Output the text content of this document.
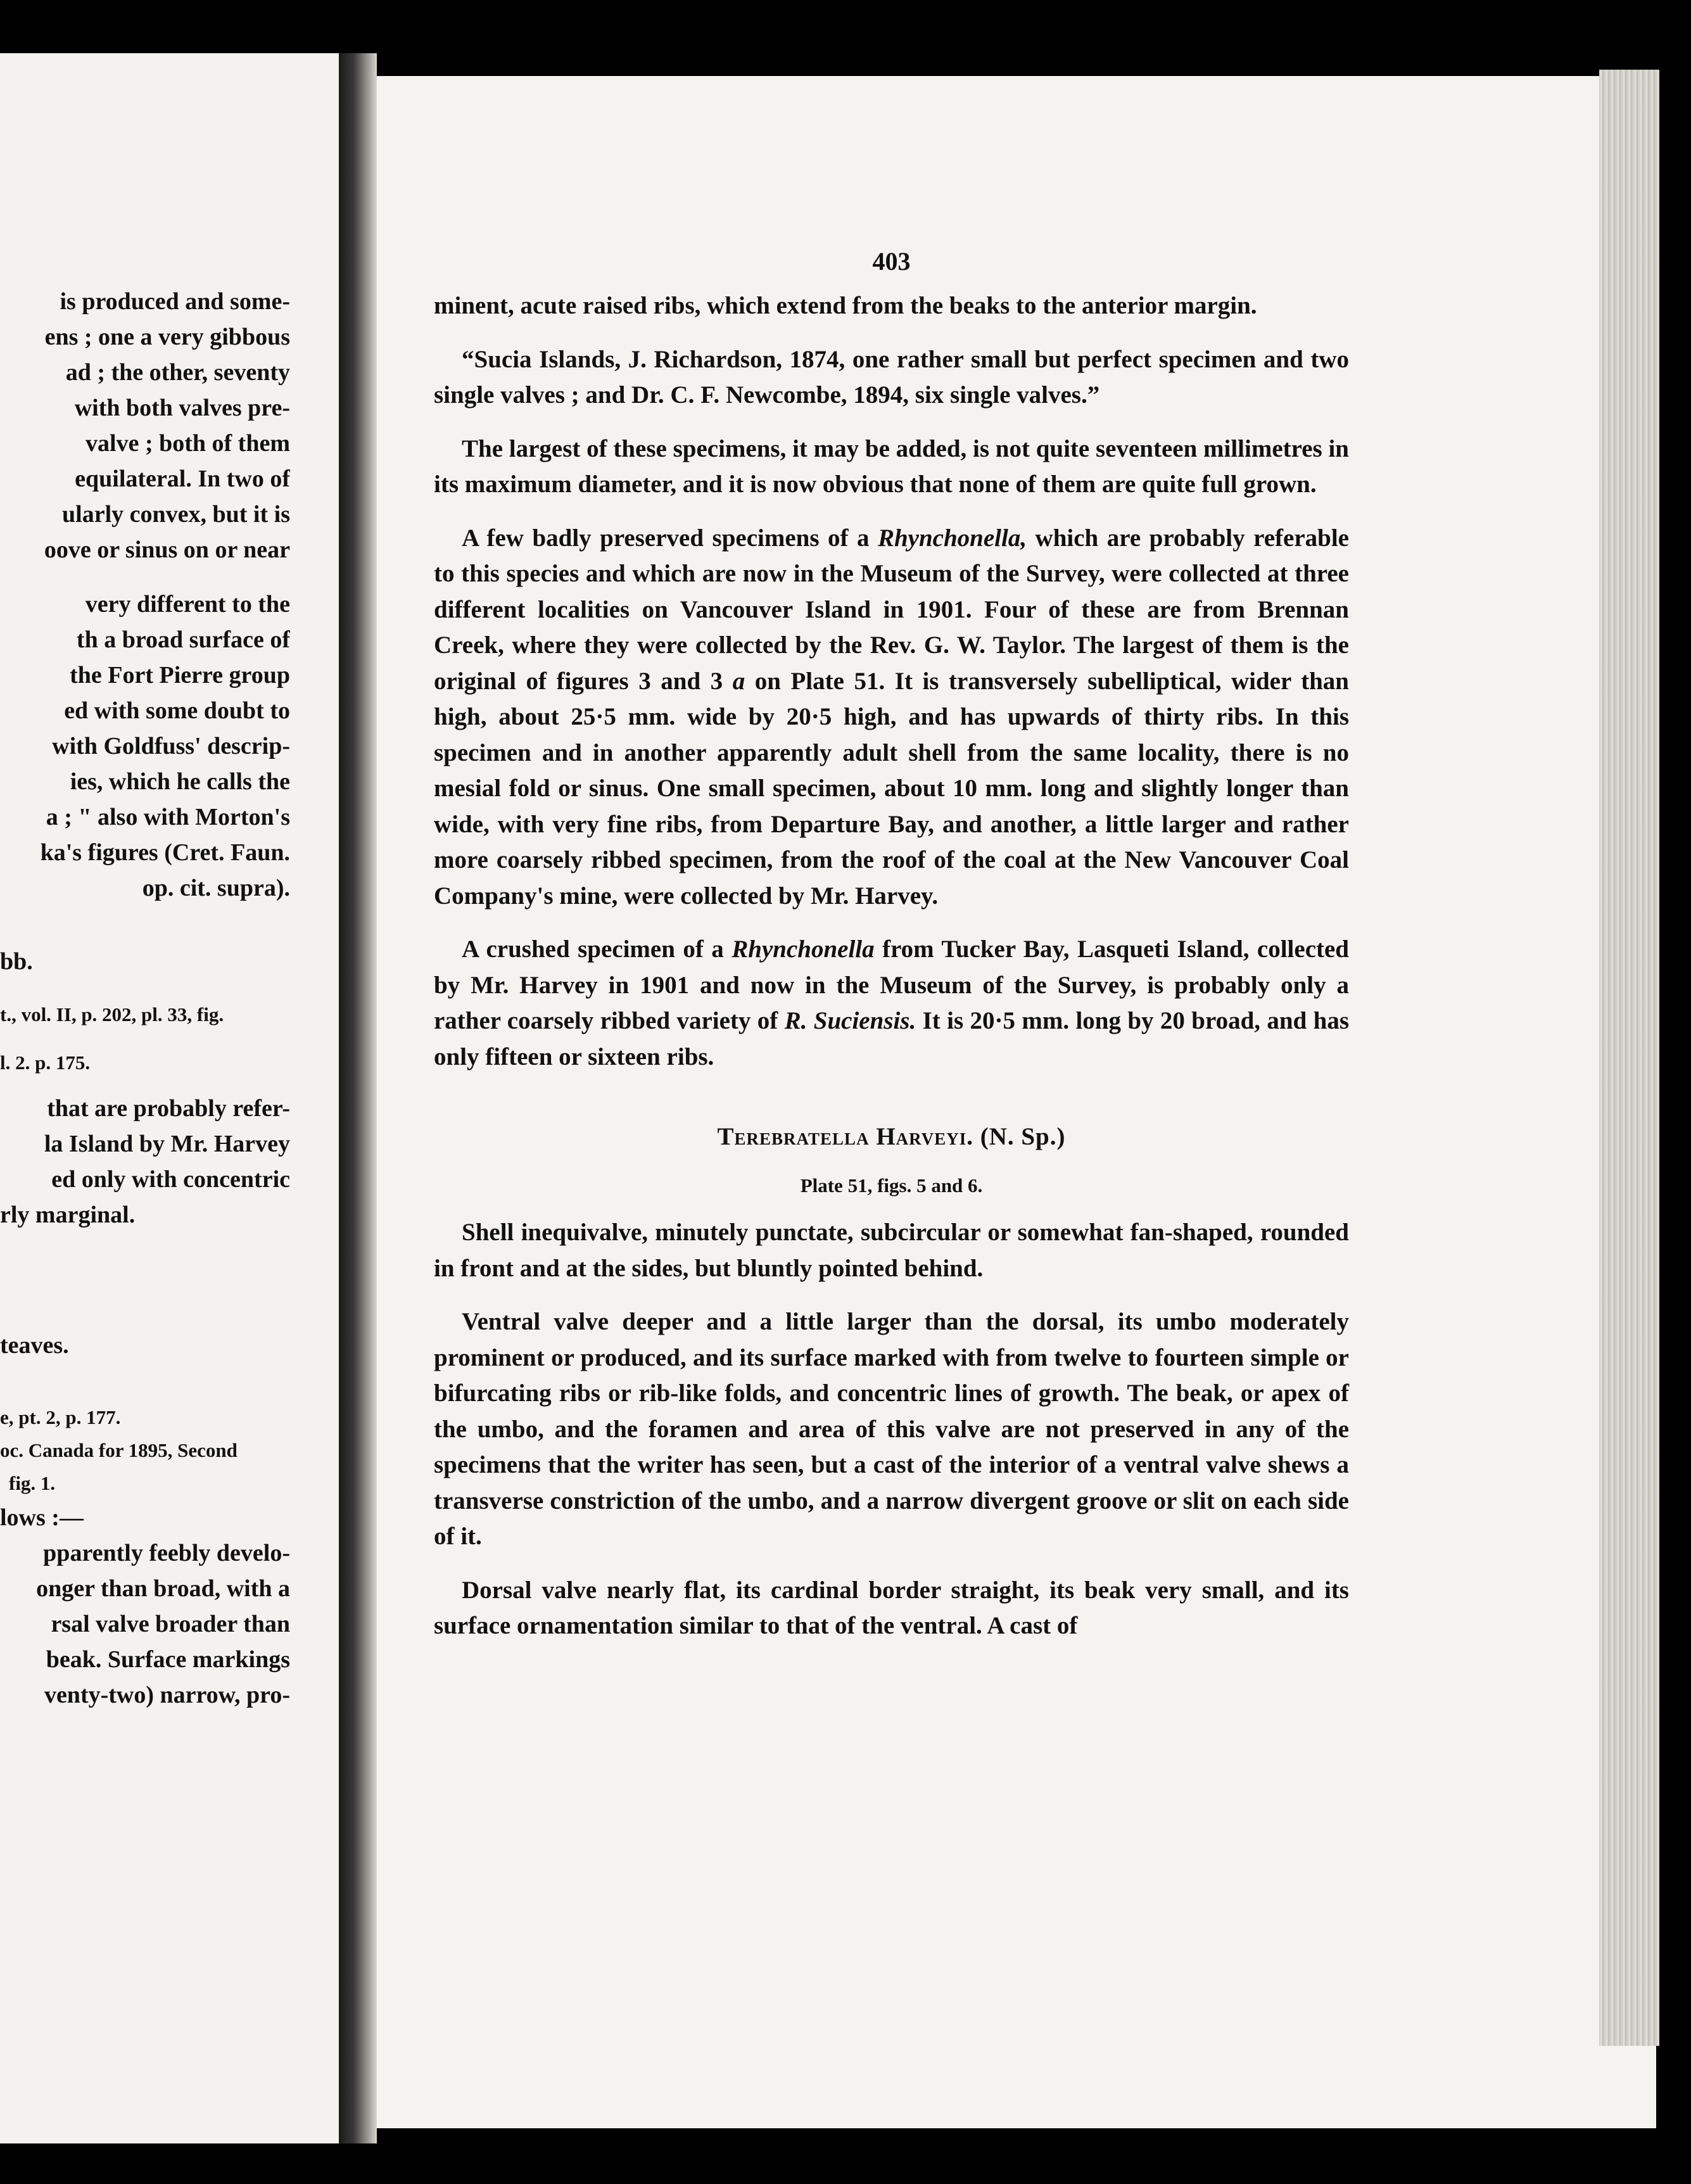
is produced and some-
ens ; one a very gibbous
ad ; the other, seventy
with both valves pre-
valve ; both of them
equilateral. In two of
ularly convex, but it is
oove or sinus on or near
very different to the
th a broad surface of
the Fort Pierre group
ed with some doubt to
with Goldfuss' descrip-
ies, which he calls the
a ; " also with Morton's
ka's figures (Cret. Faun.
op. cit. supra).
bb.
t., vol. II, p. 202, pl. 33, fig.
l. 2. p. 175.
that are probably refer-
la Island by Mr. Harvey
ed only with concentric
rly marginal.
teaves.
e, pt. 2, p. 177.
oc. Canada for 1895, Second
fig. 1.
lows :—
pparently feebly develo-
onger than broad, with a
rsal valve broader than
beak. Surface markings
venty-two) narrow, pro-
403

minent, acute raised ribs, which extend from the beaks to the anterior margin.

“Sucia Islands, J. Richardson, 1874, one rather small but perfect specimen and two single valves ; and Dr. C. F. Newcombe, 1894, six single valves.”

The largest of these specimens, it may be added, is not quite seventeen millimetres in its maximum diameter, and it is now obvious that none of them are quite full grown.

A few badly preserved specimens of a Rhynchonella, which are probably referable to this species and which are now in the Museum of the Survey, were collected at three different localities on Vancouver Island in 1901. Four of these are from Brennan Creek, where they were collected by the Rev. G. W. Taylor. The largest of them is the original of figures 3 and 3 a on Plate 51. It is transversely subelliptical, wider than high, about 25·5 mm. wide by 20·5 high, and has upwards of thirty ribs. In this specimen and in another apparently adult shell from the same locality, there is no mesial fold or sinus. One small specimen, about 10 mm. long and slightly longer than wide, with very fine ribs, from Departure Bay, and another, a little larger and rather more coarsely ribbed specimen, from the roof of the coal at the New Vancouver Coal Company's mine, were collected by Mr. Harvey.

A crushed specimen of a Rhynchonella from Tucker Bay, Lasqueti Island, collected by Mr. Harvey in 1901 and now in the Museum of the Survey, is probably only a rather coarsely ribbed variety of R. Suciensis. It is 20·5 mm. long by 20 broad, and has only fifteen or sixteen ribs.

Terebratella Harveyi. (N. Sp.)
Plate 51, figs. 5 and 6.

Shell inequivalve, minutely punctate, subcircular or somewhat fan-shaped, rounded in front and at the sides, but bluntly pointed behind.

Ventral valve deeper and a little larger than the dorsal, its umbo moderately prominent or produced, and its surface marked with from twelve to fourteen simple or bifurcating ribs or rib-like folds, and concentric lines of growth. The beak, or apex of the umbo, and the foramen and area of this valve are not preserved in any of the specimens that the writer has seen, but a cast of the interior of a ventral valve shews a transverse constriction of the umbo, and a narrow divergent groove or slit on each side of it.

Dorsal valve nearly flat, its cardinal border straight, its beak very small, and its surface ornamentation similar to that of the ventral. A cast of
